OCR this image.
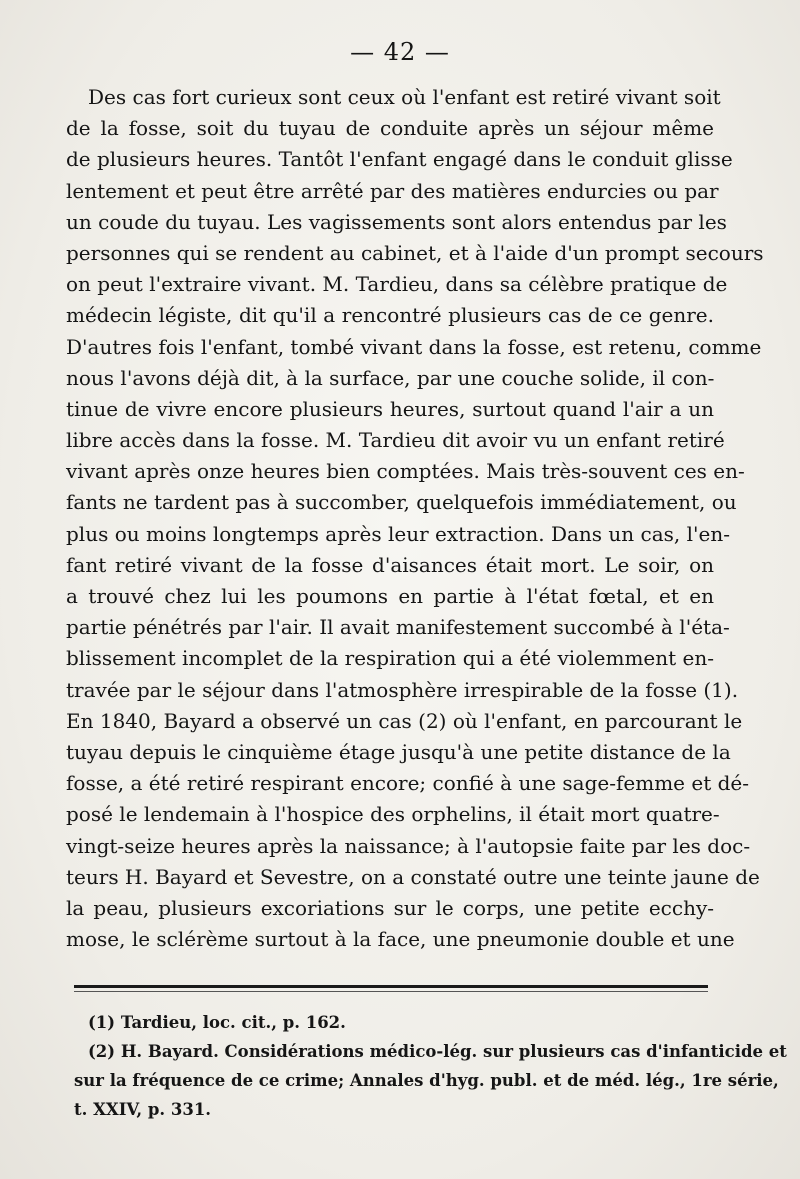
— 42 —
Des cas fort curieux sont ceux où l'enfant est retiré vivant soit
de la fosse, soit du tuyau de conduite après un séjour même
de plusieurs heures. Tantôt l'enfant engagé dans le conduit glisse
lentement et peut être arrêté par des matières endurcies ou par
un coude du tuyau. Les vagissements sont alors entendus par les
personnes qui se rendent au cabinet, et à l'aide d'un prompt secours
on peut l'extraire vivant. M. Tardieu, dans sa célèbre pratique de
médecin légiste, dit qu'il a rencontré plusieurs cas de ce genre.
D'autres fois l'enfant, tombé vivant dans la fosse, est retenu, comme
nous l'avons déjà dit, à la surface, par une couche solide, il con-
tinue de vivre encore plusieurs heures, surtout quand l'air a un
libre accès dans la fosse. M. Tardieu dit avoir vu un enfant retiré
vivant après onze heures bien comptées. Mais très-souvent ces en-
fants ne tardent pas à succomber, quelquefois immédiatement, ou
plus ou moins longtemps après leur extraction. Dans un cas, l'en-
fant retiré vivant de la fosse d'aisances était mort. Le soir, on
a trouvé chez lui les poumons en partie à l'état fœtal, et en
partie pénétrés par l'air. Il avait manifestement succombé à l'éta-
blissement incomplet de la respiration qui a été violemment en-
travée par le séjour dans l'atmosphère irrespirable de la fosse (1).
En 1840, Bayard a observé un cas (2) où l'enfant, en parcourant le
tuyau depuis le cinquième étage jusqu'à une petite distance de la
fosse, a été retiré respirant encore; confié à une sage-femme et dé-
posé le lendemain à l'hospice des orphelins, il était mort quatre-
vingt-seize heures après la naissance; à l'autopsie faite par les doc-
teurs H. Bayard et Sevestre, on a constaté outre une teinte jaune de
la peau, plusieurs excoriations sur le corps, une petite ecchy-
mose, le sclérème surtout à la face, une pneumonie double et une
(1) Tardieu, loc. cit., p. 162.
(2) H. Bayard. Considérations médico-lég. sur plusieurs cas d'infanticide et
sur la fréquence de ce crime; Annales d'hyg. publ. et de méd. lég., 1re série,
t. XXIV, p. 331.
